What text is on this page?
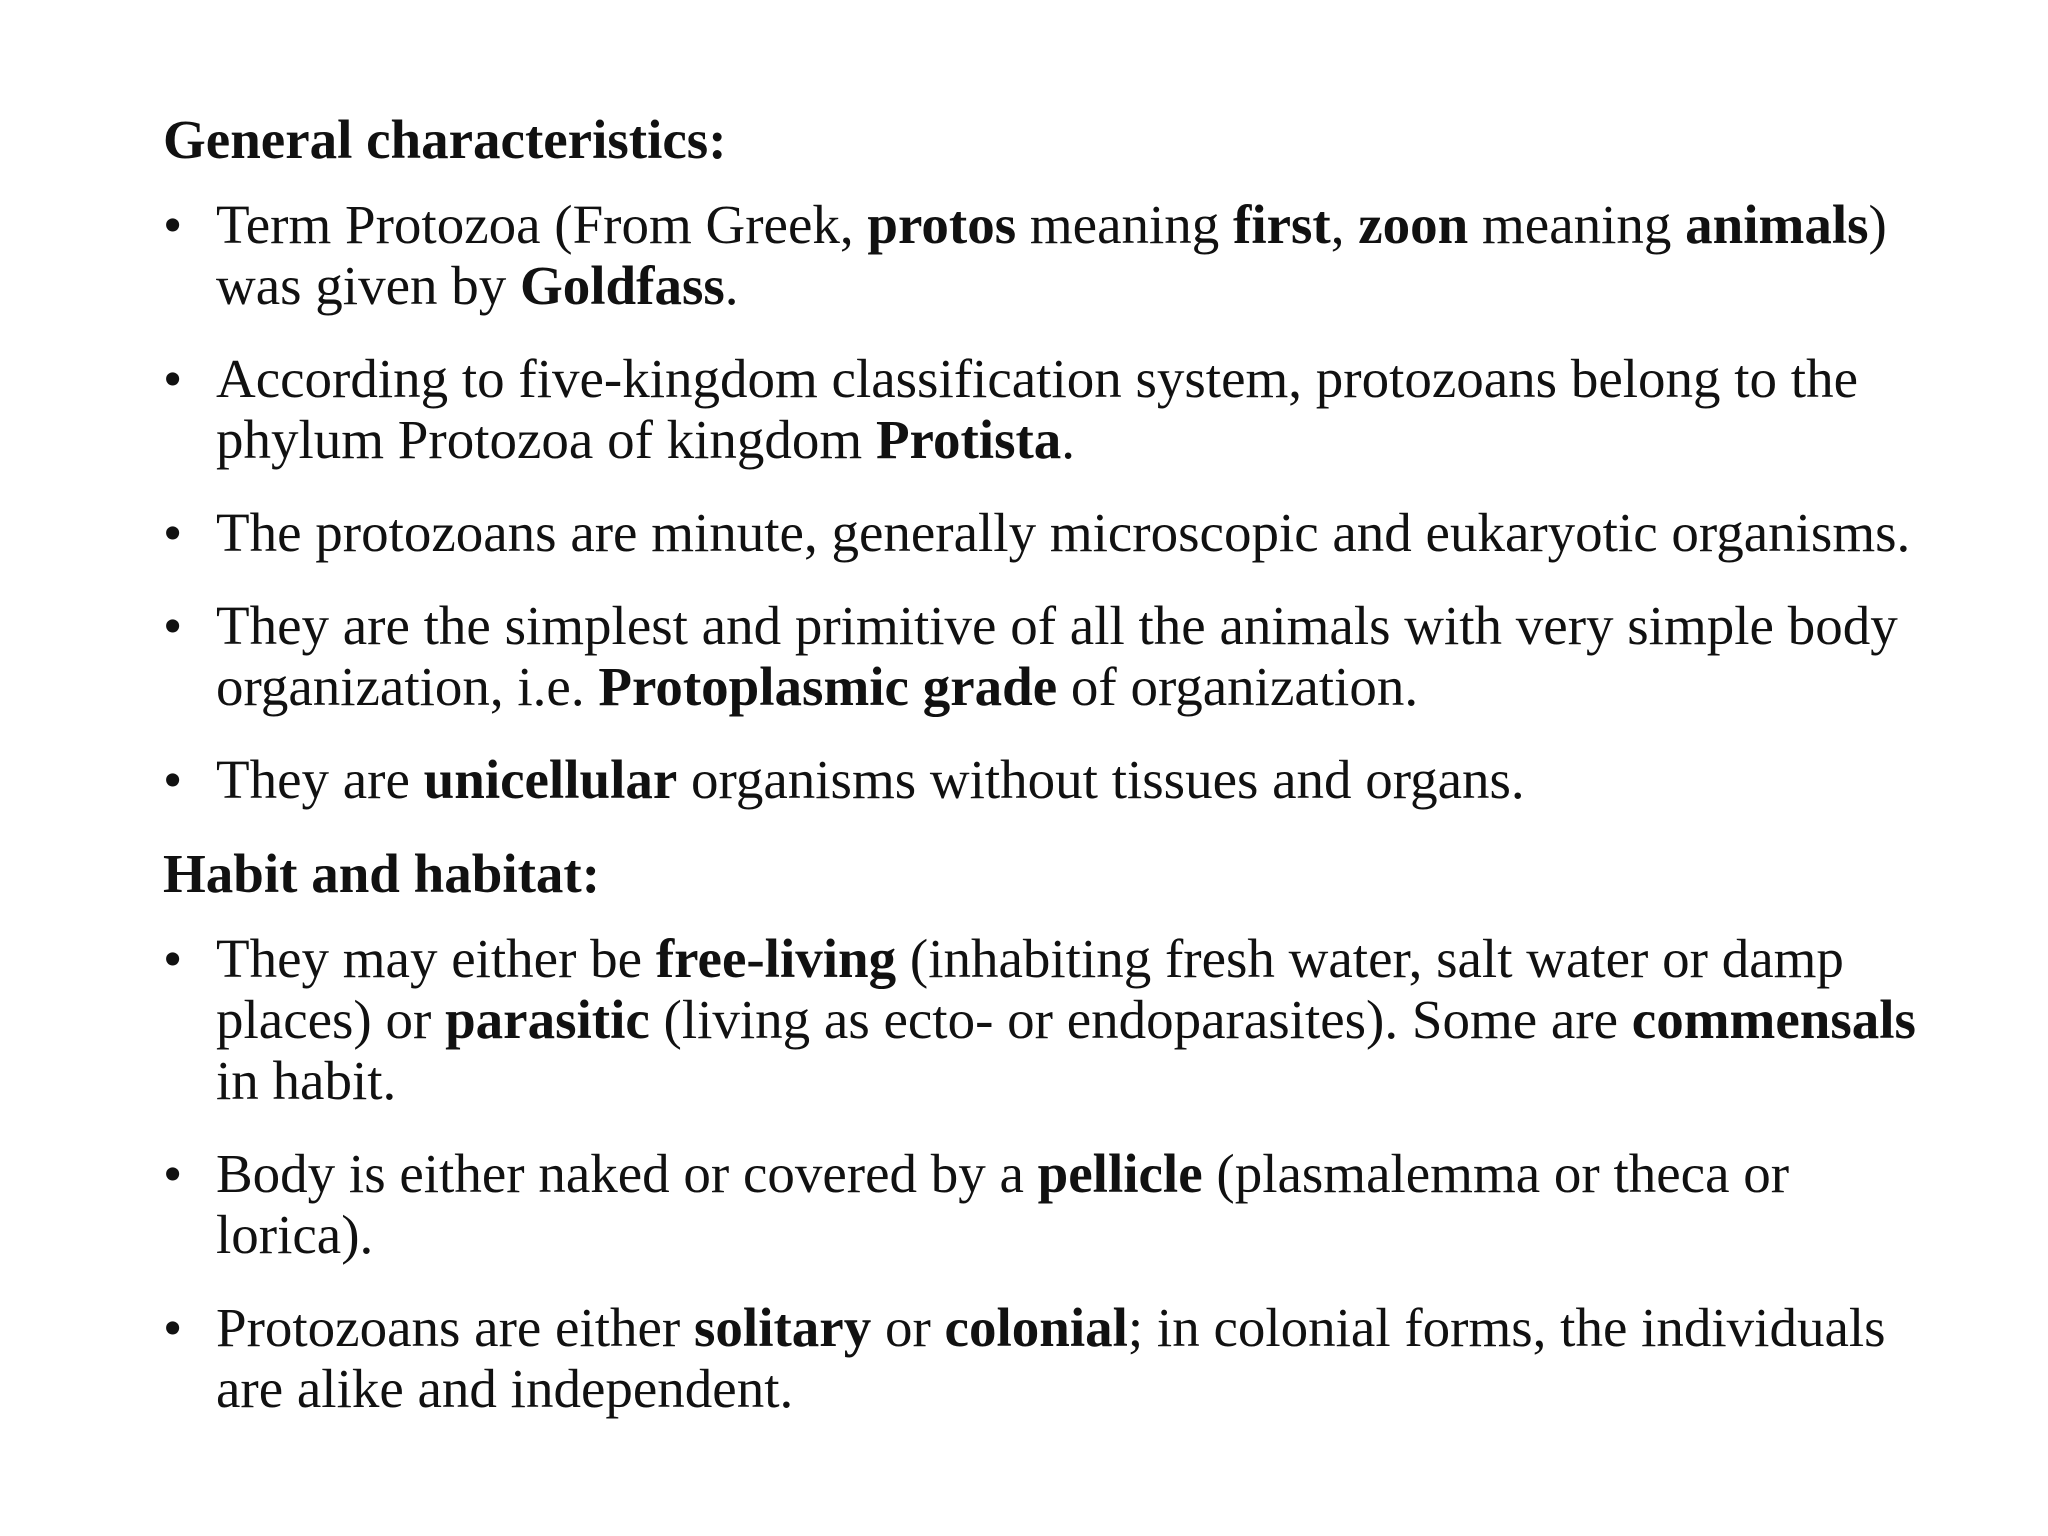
General characteristics:
• Term Protozoa (From Greek, protos meaning first, zoon meaning animals) was given by Goldfass.
• According to five-kingdom classification system, protozoans belong to the phylum Protozoa of kingdom Protista.
• The protozoans are minute, generally microscopic and eukaryotic organisms.
• They are the simplest and primitive of all the animals with very simple body organization, i.e. Protoplasmic grade of organization.
• They are unicellular organisms without tissues and organs.
Habit and habitat:
• They may either be free-living (inhabiting fresh water, salt water or damp places) or parasitic (living as ecto- or endoparasites). Some are commensals in habit.
• Body is either naked or covered by a pellicle (plasmalemma or theca or lorica).
• Protozoans are either solitary or colonial; in colonial forms, the individuals are alike and independent.
